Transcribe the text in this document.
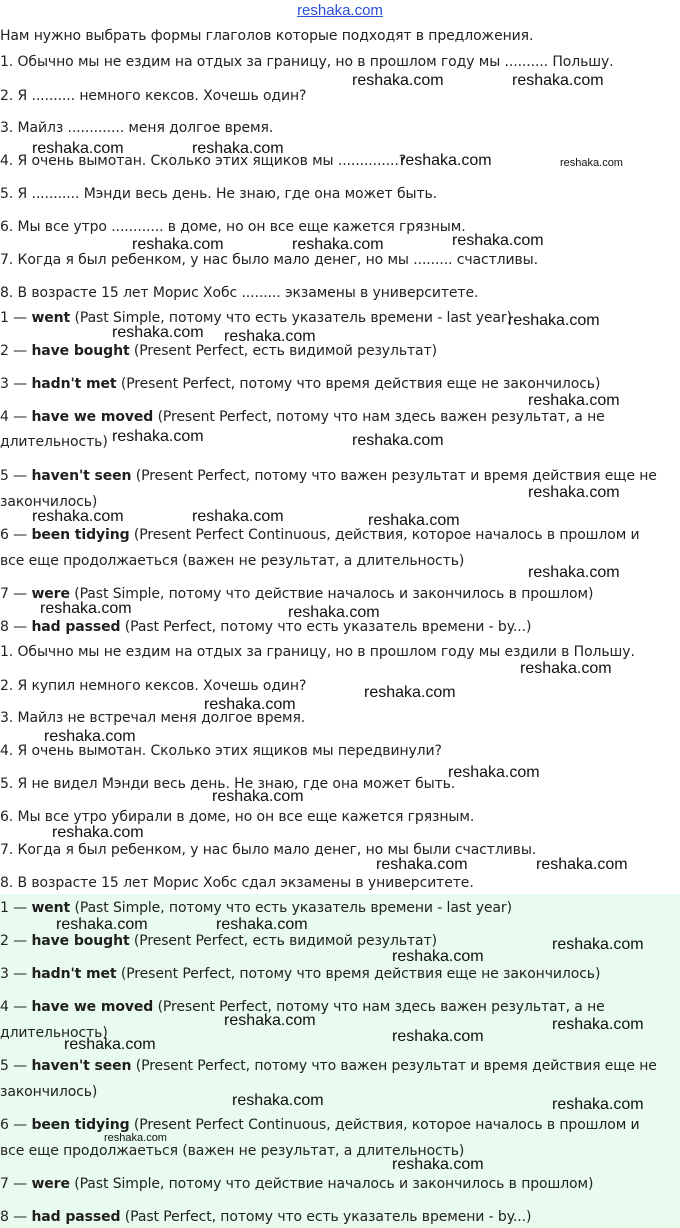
reshaka.com
Нам нужно выбрать формы глаголов которые подходят в предложения.
1. Обычно мы не ездим на отдых за границу, но в прошлом году мы .......... Польшу.
2. Я .......... немного кексов. Хочешь один?
3. Майлз ............. меня долгое время.
4. Я очень вымотан. Сколько этих ящиков мы ..............?
5. Я ........... Мэнди весь день. Не знаю, где она может быть.
6. Мы все утро ............ в доме, но он все еще кажется грязным.
7. Когда я был ребенком, у нас было мало денег, но мы ......... счастливы.
8. В возрасте 15 лет Морис Хобс ......... экзамены в университете.
1 — went (Past Simple, потому что есть указатель времени - last year)
2 — have bought (Present Perfect, есть видимой результат)
3 — hadn't met (Present Perfect, потому что время действия еще не закончилось)
4 — have we moved (Present Perfect, потому что нам здесь важен результат, а не
длительность)
5 — haven't seen (Present Perfect, потому что важен результат и время действия еще не
закончилось)
6 — been tidying (Present Perfect Continuous, действия, которое началось в прошлом и
все еще продолжаеться (важен не результат, а длительность)
7 — were (Past Simple, потому что действие началось и закончилось в прошлом)
8 — had passed (Past Perfect, потому что есть указатель времени - by...)
1. Обычно мы не ездим на отдых за границу, но в прошлом году мы ездили в Польшу.
2. Я купил немного кексов. Хочешь один?
3. Майлз не встречал меня долгое время.
4. Я очень вымотан. Сколько этих ящиков мы передвинули?
5. Я не видел Мэнди весь день. Не знаю, где она может быть.
6. Мы все утро убирали в доме, но он все еще кажется грязным.
7. Когда я был ребенком, у нас было мало денег, но мы были счастливы.
8. В возрасте 15 лет Морис Хобс сдал экзамены в университете.
1 — went (Past Simple, потому что есть указатель времени - last year)
2 — have bought (Present Perfect, есть видимой результат)
3 — hadn't met (Present Perfect, потому что время действия еще не закончилось)
4 — have we moved (Present Perfect, потому что нам здесь важен результат, а не
длительность)
5 — haven't seen (Present Perfect, потому что важен результат и время действия еще не
закончилось)
6 — been tidying (Present Perfect Continuous, действия, которое началось в прошлом и
все еще продолжаеться (важен не результат, а длительность)
7 — were (Past Simple, потому что действие началось и закончилось в прошлом)
8 — had passed (Past Perfect, потому что есть указатель времени - by...)
reshaka.com	reshaka.com
reshaka.com	reshaka.com
reshaka.com	reshaka.com
reshaka.com	reshaka.com	reshaka.com
reshaka.com
reshaka.com reshaka.com
reshaka.com
reshaka.com	reshaka.com
reshaka.com
reshaka.com	reshaka.com	reshaka.com
reshaka.com
reshaka.com	reshaka.com
reshaka.com
reshaka.com
reshaka.com
reshaka.com
reshaka.com
reshaka.com
reshaka.com
reshaka.com	reshaka.com
reshaka.com	reshaka.com
reshaka.com
reshaka.com
reshaka.com	reshaka.com
reshaka.com
reshaka.com
reshaka.com	reshaka.com
reshaka.com
reshaka.com
